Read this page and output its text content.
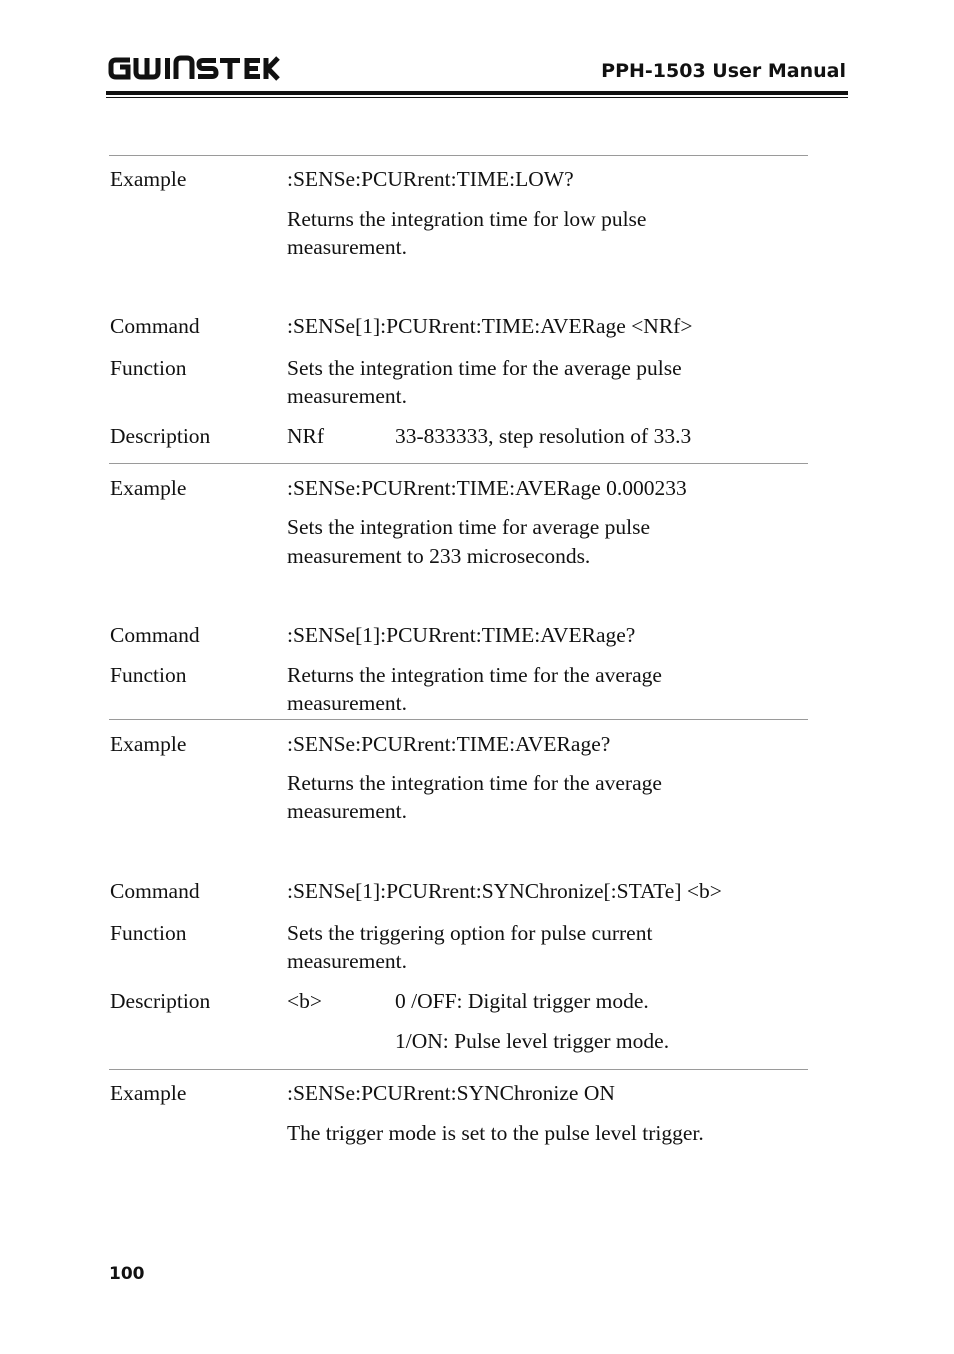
PPH-1503 User Manual
Example	:SENSe:PCURrent:TIME:LOW?
Returns the integration time for low pulse
measurement.
Command	:SENSe[1]:PCURrent:TIME:AVERage <NRf>
Function	Sets the integration time for the average pulse
measurement.
Description	NRf	33-833333, step resolution of 33.3
Example	:SENSe:PCURrent:TIME:AVERage 0.000233
Sets the integration time for average pulse
measurement to 233 microseconds.
Command	:SENSe[1]:PCURrent:TIME:AVERage?
Function	Returns the integration time for the average
measurement.
Example	:SENSe:PCURrent:TIME:AVERage?
Returns the integration time for the average
measurement.
Command	:SENSe[1]:PCURrent:SYNChronize[:STATe] <b>
Function	Sets the triggering option for pulse current
measurement.
Description	<b>	0 /OFF: Digital trigger mode.
1/ON: Pulse level trigger mode.
Example	:SENSe:PCURrent:SYNChronize ON
The trigger mode is set to the pulse level trigger.
100
